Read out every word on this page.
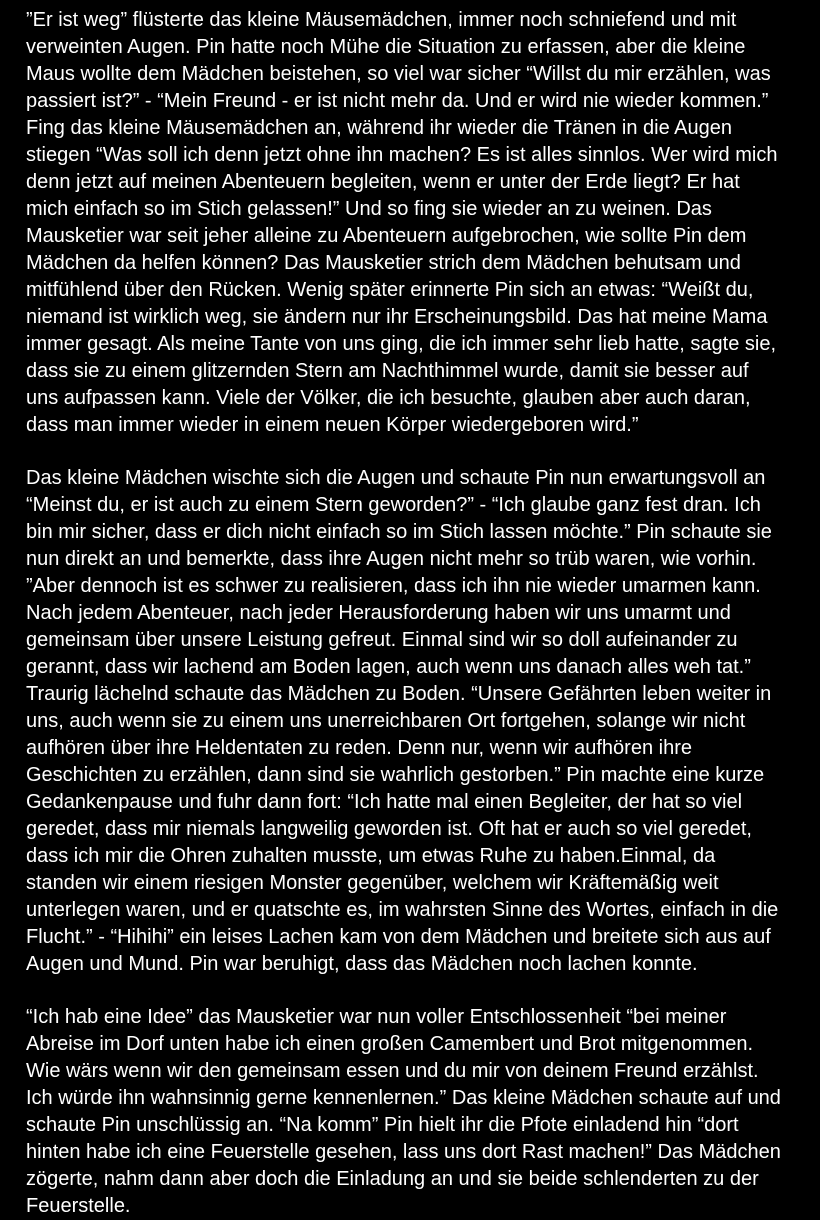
”Er ist weg” flüsterte das kleine Mäusemädchen, immer noch schniefend und mit
verweinten Augen. Pin hatte noch Mühe die Situation zu erfassen, aber die kleine
Maus wollte dem Mädchen beistehen, so viel war sicher “Willst du mir erzählen, was
passiert ist?” - “Mein Freund - er ist nicht mehr da. Und er wird nie wieder kommen.”
Fing das kleine Mäusemädchen an, während ihr wieder die Tränen in die Augen
stiegen “Was soll ich denn jetzt ohne ihn machen? Es ist alles sinnlos. Wer wird mich
denn jetzt auf meinen Abenteuern begleiten, wenn er unter der Erde liegt? Er hat
mich einfach so im Stich gelassen!” Und so fing sie wieder an zu weinen. Das
Mausketier war seit jeher alleine zu Abenteuern aufgebrochen, wie sollte Pin dem
Mädchen da helfen können? Das Mausketier strich dem Mädchen behutsam und
mitfühlend über den Rücken. Wenig später erinnerte Pin sich an etwas: “Weißt du,
niemand ist wirklich weg, sie ändern nur ihr Erscheinungsbild. Das hat meine Mama
immer gesagt. Als meine Tante von uns ging, die ich immer sehr lieb hatte, sagte sie,
dass sie zu einem glitzernden Stern am Nachthimmel wurde, damit sie besser auf
uns aufpassen kann. Viele der Völker, die ich besuchte, glauben aber auch daran,
dass man immer wieder in einem neuen Körper wiedergeboren wird.”
Das kleine Mädchen wischte sich die Augen und schaute Pin nun erwartungsvoll an
“Meinst du, er ist auch zu einem Stern geworden?” - “Ich glaube ganz fest dran. Ich
bin mir sicher, dass er dich nicht einfach so im Stich lassen möchte.” Pin schaute sie
nun direkt an und bemerkte, dass ihre Augen nicht mehr so trüb waren, wie vorhin.
”Aber dennoch ist es schwer zu realisieren, dass ich ihn nie wieder umarmen kann.
Nach jedem Abenteuer, nach jeder Herausforderung haben wir uns umarmt und
gemeinsam über unsere Leistung gefreut. Einmal sind wir so doll aufeinander zu
gerannt, dass wir lachend am Boden lagen, auch wenn uns danach alles weh tat.”
Traurig lächelnd schaute das Mädchen zu Boden. “Unsere Gefährten leben weiter in
uns, auch wenn sie zu einem uns unerreichbaren Ort fortgehen, solange wir nicht
aufhören über ihre Heldentaten zu reden. Denn nur, wenn wir aufhören ihre
Geschichten zu erzählen, dann sind sie wahrlich gestorben.” Pin machte eine kurze
Gedankenpause und fuhr dann fort: “Ich hatte mal einen Begleiter, der hat so viel
geredet, dass mir niemals langweilig geworden ist. Oft hat er auch so viel geredet,
dass ich mir die Ohren zuhalten musste, um etwas Ruhe zu haben.Einmal, da
standen wir einem riesigen Monster gegenüber, welchem wir Kräftemäßig weit
unterlegen waren, und er quatschte es, im wahrsten Sinne des Wortes, einfach in die
Flucht.” - “Hihihi” ein leises Lachen kam von dem Mädchen und breitete sich aus auf
Augen und Mund. Pin war beruhigt, dass das Mädchen noch lachen konnte.
“Ich hab eine Idee” das Mausketier war nun voller Entschlossenheit “bei meiner
Abreise im Dorf unten habe ich einen großen Camembert und Brot mitgenommen.
Wie wärs wenn wir den gemeinsam essen und du mir von deinem Freund erzählst.
Ich würde ihn wahnsinnig gerne kennenlernen.” Das kleine Mädchen schaute auf und
schaute Pin unschlüssig an. “Na komm” Pin hielt ihr die Pfote einladend hin “dort
hinten habe ich eine Feuerstelle gesehen, lass uns dort Rast machen!” Das Mädchen
zögerte, nahm dann aber doch die Einladung an und sie beide schlenderten zu der
Feuerstelle.
